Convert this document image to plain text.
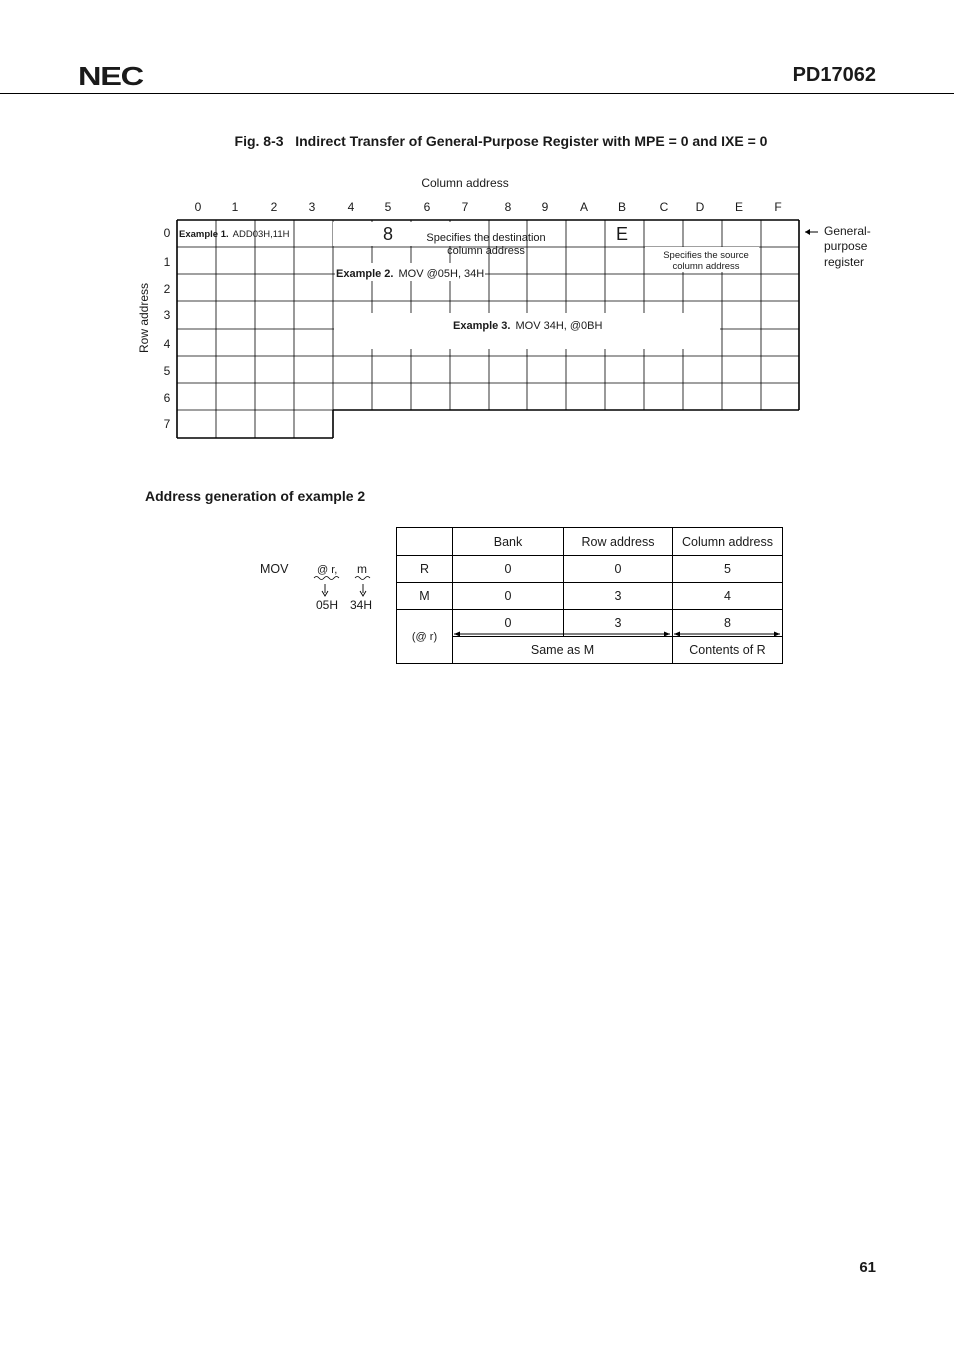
NEC	PD17062
Fig. 8-3   Indirect Transfer of General-Purpose Register with MPE = 0 and IXE = 0
Column address
0	1	2	3	4	5	6	7	8	9	A B	C D	E	F
0
1
2
3
4
5
6
7
Row address
Specifies the destination
column address	Specifies the source
column address
Example 2. MOV @05H, 34H
Example 3. MOV 34H, @0BH
Example 1. ADD03H,11H	8	E	General-
purpose
register
Address generation of example 2
MOV	@ r, m
05H 34H
	Bank	Row address	Column address
R	0	0	5
M	0	3	4
(@ r)	0	3	8
	Same as M		Contents of R
61
